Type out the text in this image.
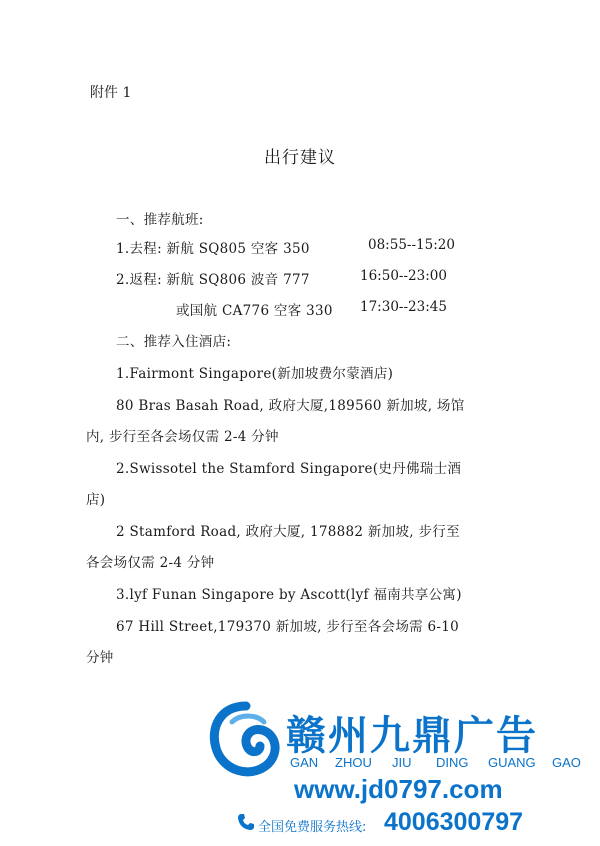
附件 1
出行建议
一、推荐航班:
1.去程: 新航 SQ805 空客 350	08:55--15:20
2.返程: 新航 SQ806 波音 777	16:50--23:00
或国航 CA776 空客 330 17:30--23:45
二、推荐入住酒店:
1.Fairmont Singapore(新加坡费尔蒙酒店)
80 Bras Basah Road, 政府大厦,189560 新加坡, 场馆
内, 步行至各会场仅需 2-4 分钟
2.Swissotel the Stamford Singapore(史丹佛瑞士酒
店)
2 Stamford Road, 政府大厦, 178882 新加坡, 步行至
各会场仅需 2-4 分钟
3.lyf Funan Singapore by Ascott(lyf 福南共享公寓)
67 Hill Street,179370 新加坡, 步行至各会场需 6-10
分钟
赣州九鼎广告
GAN ZHOU JIU DING GUANG GAO
www.jd0797.com
全国免费服务热线: 4006300797
